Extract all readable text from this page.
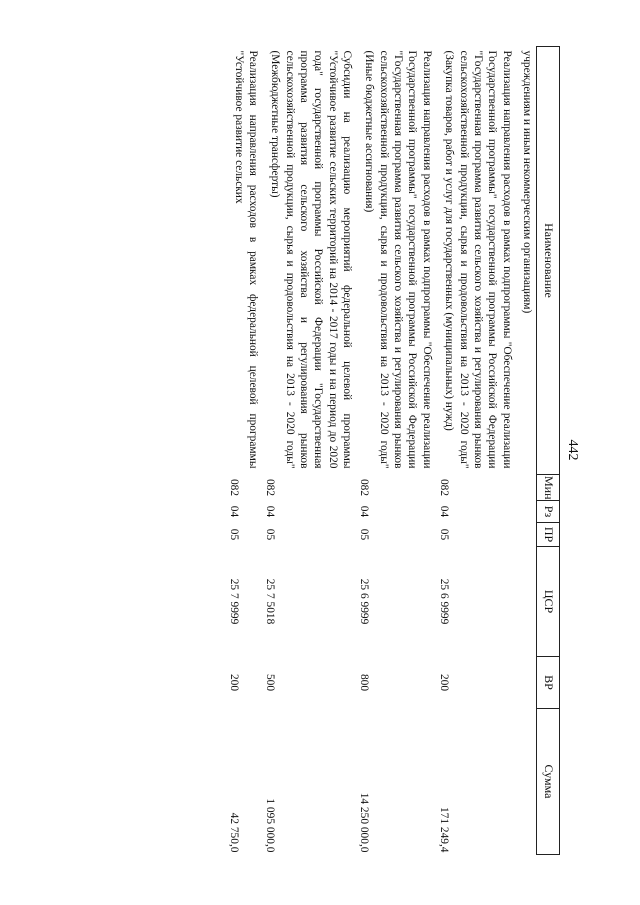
442
Наименование	Мин	Рз	ПР	ЦСР	ВР	Сумма
учреждениям и иным некоммерческим организациям)						
Реализация направления расходов в рамках подпрограммы "Обеспечение реализации Государственной программы" государственной программы Российской Федерации "Государственная программа развития сельского хозяйства и регулирования рынков сельскохозяйственной продукции, сырья и продовольствия на 2013 - 2020 годы" (Закупка товаров, работ и услуг для государственных (муниципальных) нужд)	082	04	05	25 6 9999	200	171 249,4
Реализация направления расходов в рамках подпрограммы "Обеспечение реализации Государственной программы" государственной программы Российской Федерации "Государственная программа развития сельского хозяйства и регулирования рынков сельскохозяйственной продукции, сырья и продовольствия на 2013 - 2020 годы" (Иные бюджетные ассигнования)	082	04	05	25 6 9999	800	14 250 000,0
Субсидии на реализацию мероприятий федеральной целевой программы "Устойчивое развитие сельских территорий на 2014 - 2017 годы и на период до 2020 года" государственной программы Российской Федерации "Государственная программа развития сельского хозяйства и регулирования рынков сельскохозяйственной продукции, сырья и продовольствия на 2013 - 2020 годы" (Межбюджетные трансферты)	082	04	05	25 7 5018	500	1 095 000,0
Реализация направления расходов в рамках федеральной целевой программы "Устойчивое развитие сельских	082	04	05	25 7 9999	200	42 750,0
